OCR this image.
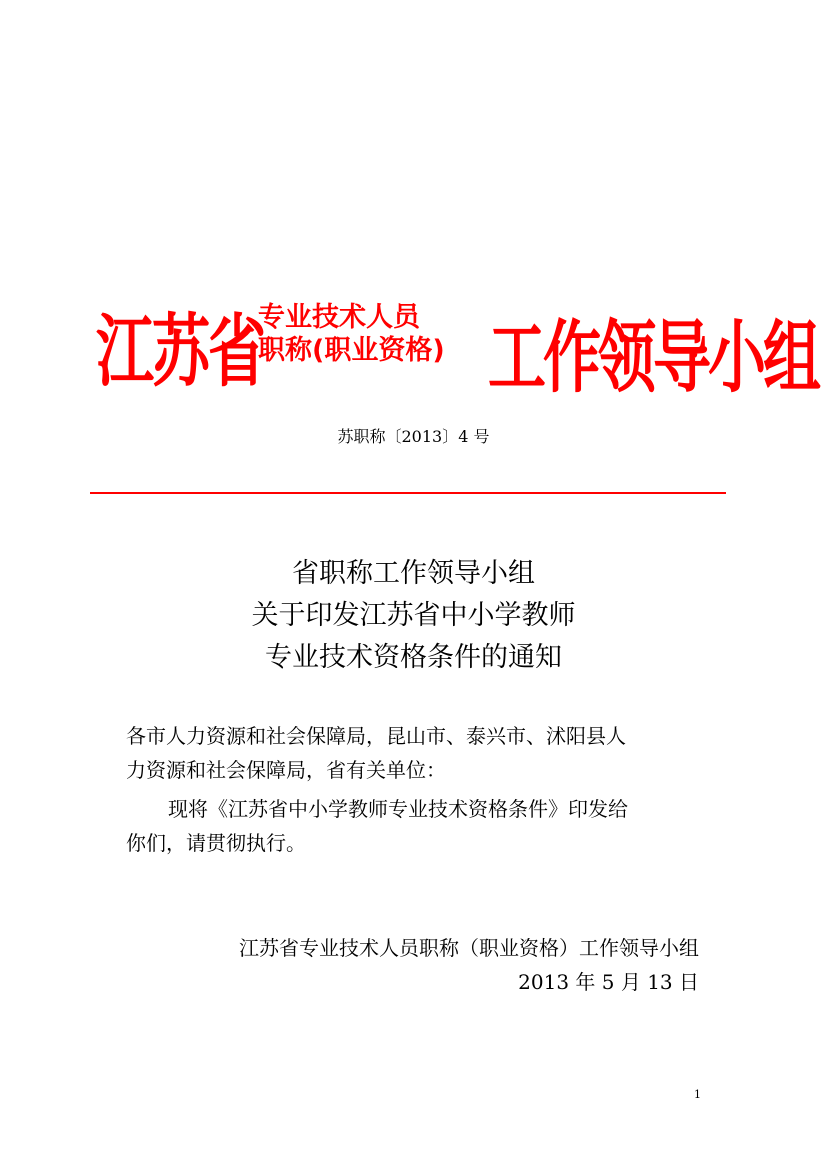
江苏省
专业技术人员
职称(职业资格) 工作领导小组
苏职称〔2013〕4 号
省职称工作领导小组
关于印发江苏省中小学教师
专业技术资格条件的通知
各市人力资源和社会保障局，昆山市、泰兴市、沭阳县人
力资源和社会保障局，省有关单位：
现将《江苏省中小学教师专业技术资格条件》印发给
你们，请贯彻执行。
江苏省专业技术人员职称（职业资格）工作领导小组
2013 年 5 月 13 日
1
